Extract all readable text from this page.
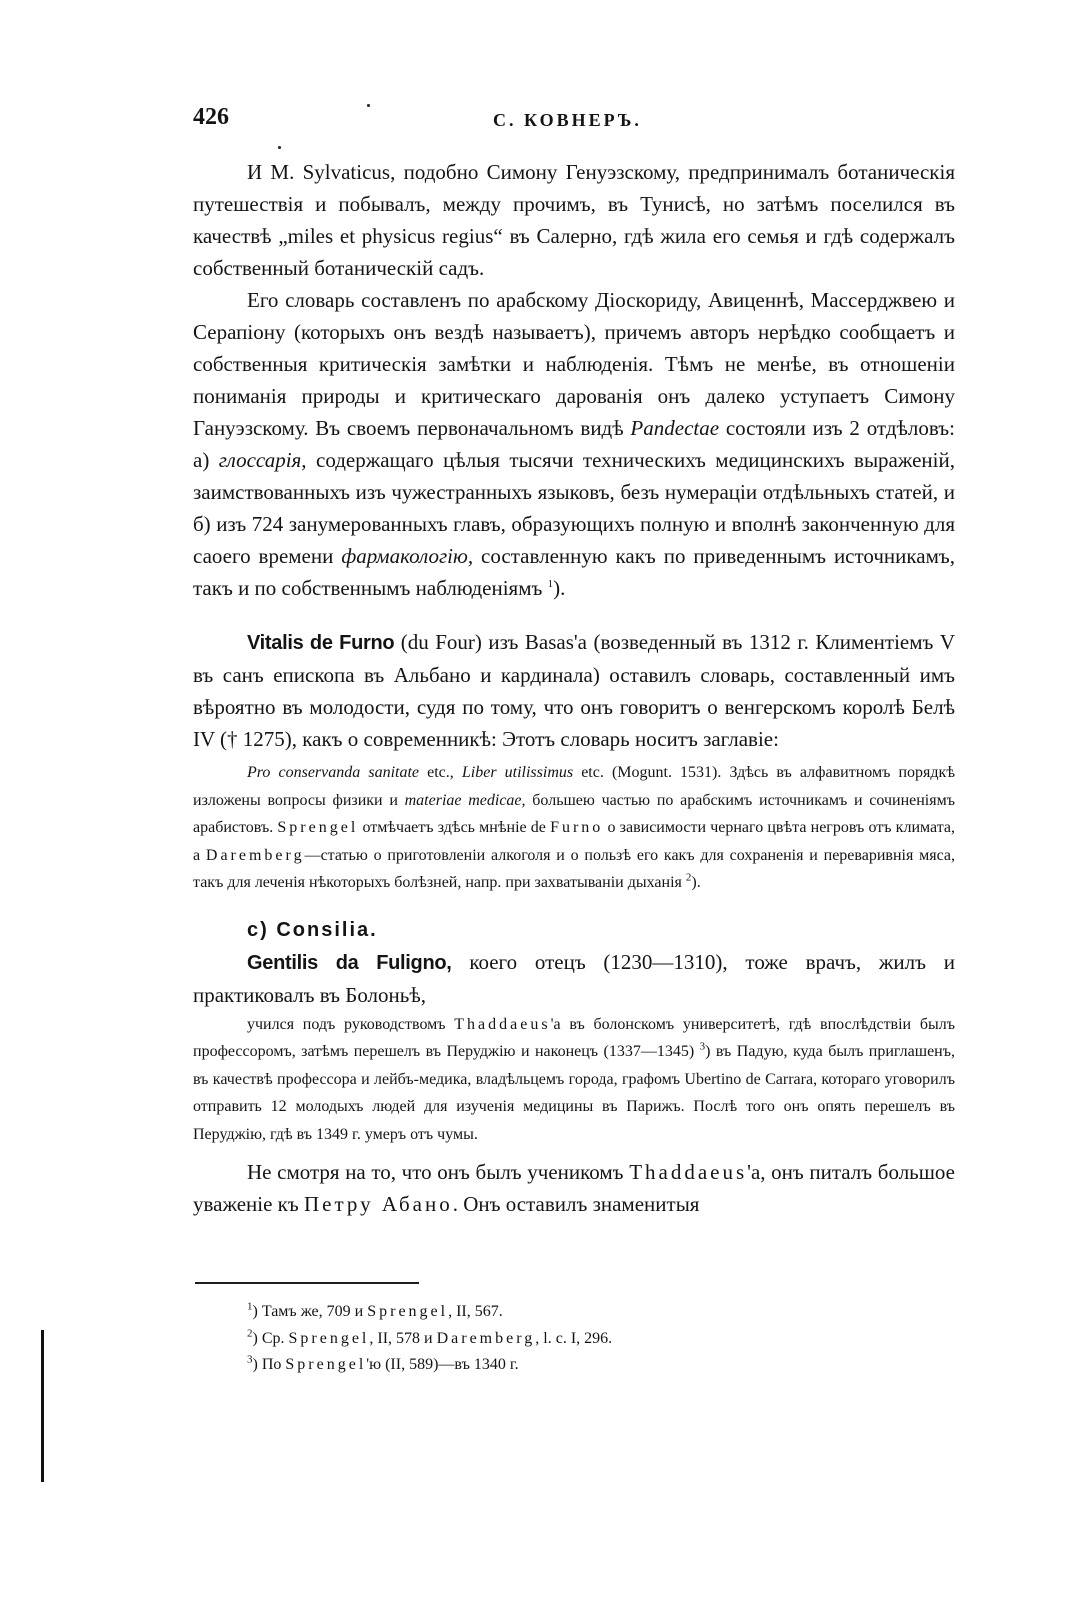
426	С. КОВНЕРЪ.

И М. Sylvaticus, подобно Симону Генуэзскому, предпринималъ ботаническія путешествія и побывалъ, между прочимъ, въ Тунисѣ, но затѣмъ поселился въ качествѣ „miles et physicus regius“ въ Салерно, гдѣ жила его семья и гдѣ содержалъ собственный ботаническій садъ.

Его словарь составленъ по арабскому Діоскориду, Авиценнѣ, Массерджвею и Серапіону (которыхъ онъ вездѣ называетъ), причемъ авторъ нерѣдко сообщаетъ и собственныя критическія замѣтки и наблюденія. Тѣмъ не менѣе, въ отношеніи пониманія природы и критическаго дарованія онъ далеко уступаетъ Симону Гануэзскому. Въ своемъ первоначальномъ видѣ Pandectae состояли изъ 2 отдѣловъ: а) глоссарія, содержащаго цѣлыя тысячи техническихъ медицинскихъ выраженій, заимствованныхъ изъ чужестранныхъ языковъ, безъ нумераціи отдѣльныхъ статей, и б) изъ 724 занумерованныхъ главъ, образующихъ полную и вполнѣ законченную для саоего времени фармакологію, составленную какъ по приведеннымъ источникамъ, такъ и по собственнымъ наблюденіямъ $^1$).

Vitalis de Furno (du Four) изъ Basas'а (возведенный въ 1312 г. Климентіемъ V въ санъ епископа въ Альбано и кардинала) оставилъ словарь, составленный имъ вѣроятно въ молодости, судя по тому, что онъ говоритъ о венгерскомъ королѣ Белѣ IV († 1275), какъ о современникѣ: Этотъ словарь носитъ заглавіе:

Pro conservanda sanitate etc., Liber utilissimus etc. (Mogunt. 1531). Здѣсь въ алфавитномъ порядкѣ изложены вопросы физики и materiae medicae, большею частью по арабскимъ источникамъ и сочиненіямъ арабистовъ. Sprengel отмѣчаетъ здѣсь мнѣніе de Furno о зависимости чернаго цвѣта негровъ отъ климата, а Daremberg—статью о приготовленіи алкоголя и о пользѣ его какъ для сохраненія и переваривнія мяса, такъ для леченія нѣкоторыхъ болѣзней, напр. при захватываніи дыханія $^2$).

c) Consilia.

Gentilis da Fuligno, коего отецъ (1230—1310), тоже врачъ, жилъ и практиковалъ въ Болоньѣ,

учился подъ руководствомъ Thaddaeus'а въ болонскомъ университетѣ, гдѣ впослѣдствіи былъ профессоромъ, затѣмъ перешелъ въ Перуджію и наконецъ (1337—1345) $^3$) въ Падую, куда былъ приглашенъ, въ качествѣ профессора и лейбъ-медика, владѣльцемъ города, графомъ Ubertino de Carrara, котораго уговорилъ отправить 12 молодыхъ людей для изученія медицины въ Парижъ. Послѣ того онъ опять перешелъ въ Перуджію, гдѣ въ 1349 г. умеръ отъ чумы.

Не смотря на то, что онъ былъ ученикомъ Thaddaeus'а, онъ питалъ большое уваженіе къ Петру Абано. Онъ оставилъ знаменитыя

$^1$) Тамъ же, 709 и Sprengel, II, 567.
$^2$) Ср. Sprengel, II, 578 и Daremberg, l. c. I, 296.
$^3$) По Sprengel'ю (II, 589)—въ 1340 г.
